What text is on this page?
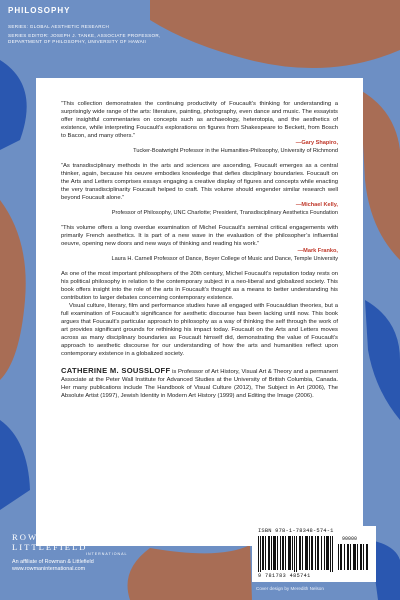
PHILOSOPHY
SERIES: GLOBAL AESTHETIC RESEARCH
SERIES EDITOR: JOSEPH J. TANKE, ASSOCIATE PROFESSOR, DEPARTMENT OF PHILOSOPHY, UNIVERSITY OF HAWAII

“This collection demonstrates the continuing productivity of Foucault’s thinking for understanding a surprisingly wide range of the arts: literature, painting, photography, even dance and music. The essayists offer insightful commentaries on concepts such as archaeology, heterotopia, and the aesthetics of existence, while interpreting Foucault’s explorations on figures from Shakespeare to Beckett, from Bosch to Bacon, and many others.”

—Gary Shapiro,
Tucker-Boatwright Professor in the Humanities-Philosophy, University of Richmond

“As transdisciplinary methods in the arts and sciences are ascending, Foucault emerges as a central thinker, again, because his oeuvre embodies knowledge that defies disciplinary boundaries. Foucault on the Arts and Letters comprises essays engaging a creative display of figures and concepts while enacting the very transdisciplinarity Foucault helped to craft. This volume should engender similar research well beyond Foucault alone.”

—Michael Kelly,
Professor of Philosophy, UNC Charlotte; President, Transdisciplinary Aesthetics Foundation

“This volume offers a long overdue examination of Michel Foucault’s seminal critical engagements with primarily French aesthetics. It is part of a new wave in the evaluation of the philosopher’s influential oeuvre, opening new doors and new ways of thinking and reading his work.”

—Mark Franko,
Laura H. Carnell Professor of Dance, Boyer College of Music and Dance, Temple University

As one of the most important philosophers of the 20th century, Michel Foucault’s reputation today rests on his political philosophy in relation to the contemporary subject in a neo-liberal and globalized society. This book offers insight into the role of the arts in Foucault’s thought as a means to better understanding his contribution to larger debates concerning contemporary existence.

Visual culture, literary, film and performance studies have all engaged with Foucauldian theories, but a full examination of Foucault’s significance for aesthetic discourse has been lacking until now. This book argues that Foucault’s particular approach to philosophy as a way of thinking the self through the work of art provides significant grounds for rethinking his impact today. Foucault on the Arts and Letters moves across as many disciplinary boundaries as Foucault himself did, demonstrating the value of Foucault’s approach to aesthetic discourse for our understanding of how the arts and humanities reflect upon contemporary existence in a globalized society.

CATHERINE M. SOUSSLOFF is Professor of Art History, Visual Art & Theory and a permanent Associate at the Peter Wall Institute for Advanced Studies at the University of British Columbia, Canada. Her many publications include The Handbook of Visual Culture (2012), The Subject in Art (2006), The Absolute Artist (1997), Jewish Identity in Modern Art History (1999) and Editing the Image (2006).
ROWMAN &
LITTLEFIELD
INTERNATIONAL
An affiliate of Rowman & Littlefield
www.rowmaninternational.com
ISBN 978-1-78348-574-1
90000
9 781783 485741
Cover design by Meredith Nelson
